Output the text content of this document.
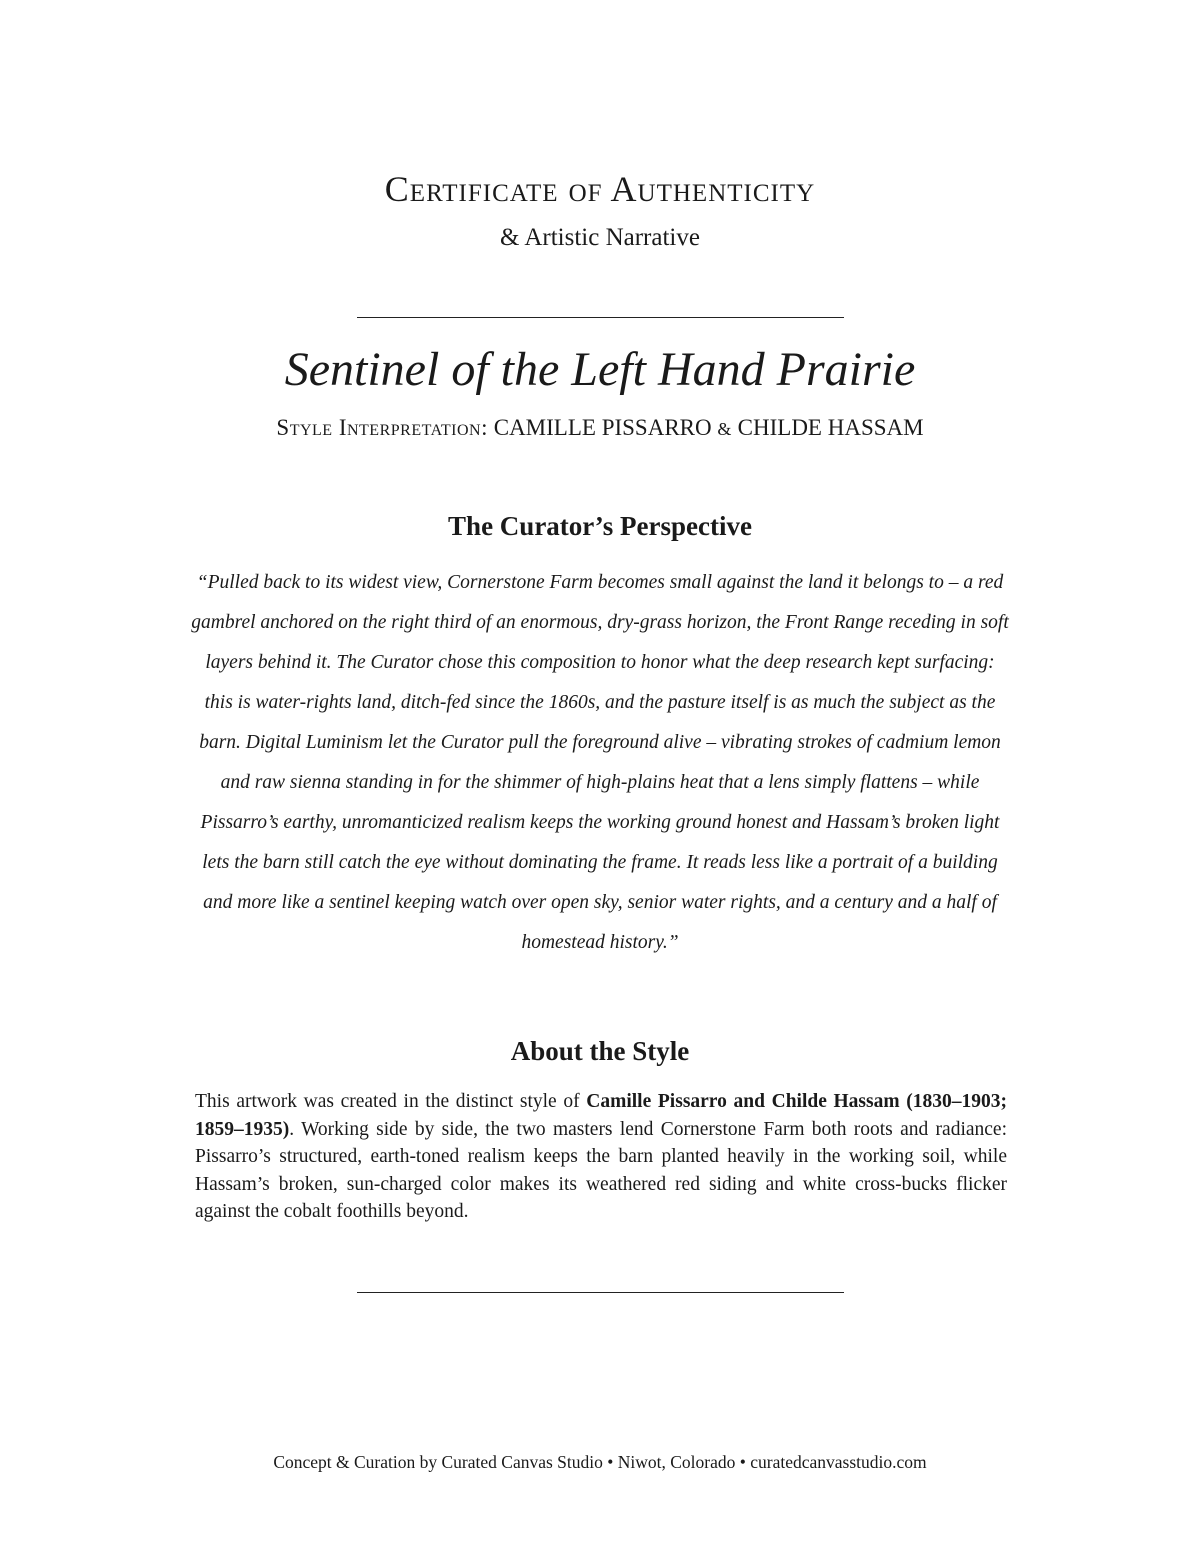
Certificate of Authenticity

& Artistic Narrative

Sentinel of the Left Hand Prairie

Style Interpretation: CAMILLE PISSARRO & CHILDE HASSAM

The Curator’s Perspective

“Pulled back to its widest view, Cornerstone Farm becomes small against the land it belongs to – a red gambrel anchored on the right third of an enormous, dry-grass horizon, the Front Range receding in soft layers behind it. The Curator chose this composition to honor what the deep research kept surfacing: this is water-rights land, ditch-fed since the 1860s, and the pasture itself is as much the subject as the barn. Digital Luminism let the Curator pull the foreground alive – vibrating strokes of cadmium lemon and raw sienna standing in for the shimmer of high-plains heat that a lens simply flattens – while Pissarro’s earthy, unromanticized realism keeps the working ground honest and Hassam’s broken light lets the barn still catch the eye without dominating the frame. It reads less like a portrait of a building and more like a sentinel keeping watch over open sky, senior water rights, and a century and a half of homestead history.”

About the Style

This artwork was created in the distinct style of Camille Pissarro and Childe Hassam (1830–1903; 1859–1935). Working side by side, the two masters lend Cornerstone Farm both roots and radiance: Pissarro’s structured, earth-toned realism keeps the barn planted heavily in the working soil, while Hassam’s broken, sun-charged color makes its weathered red siding and white cross-bucks flicker against the cobalt foothills beyond.

Concept & Curation by Curated Canvas Studio • Niwot, Colorado • curatedcanvasstudio.com
